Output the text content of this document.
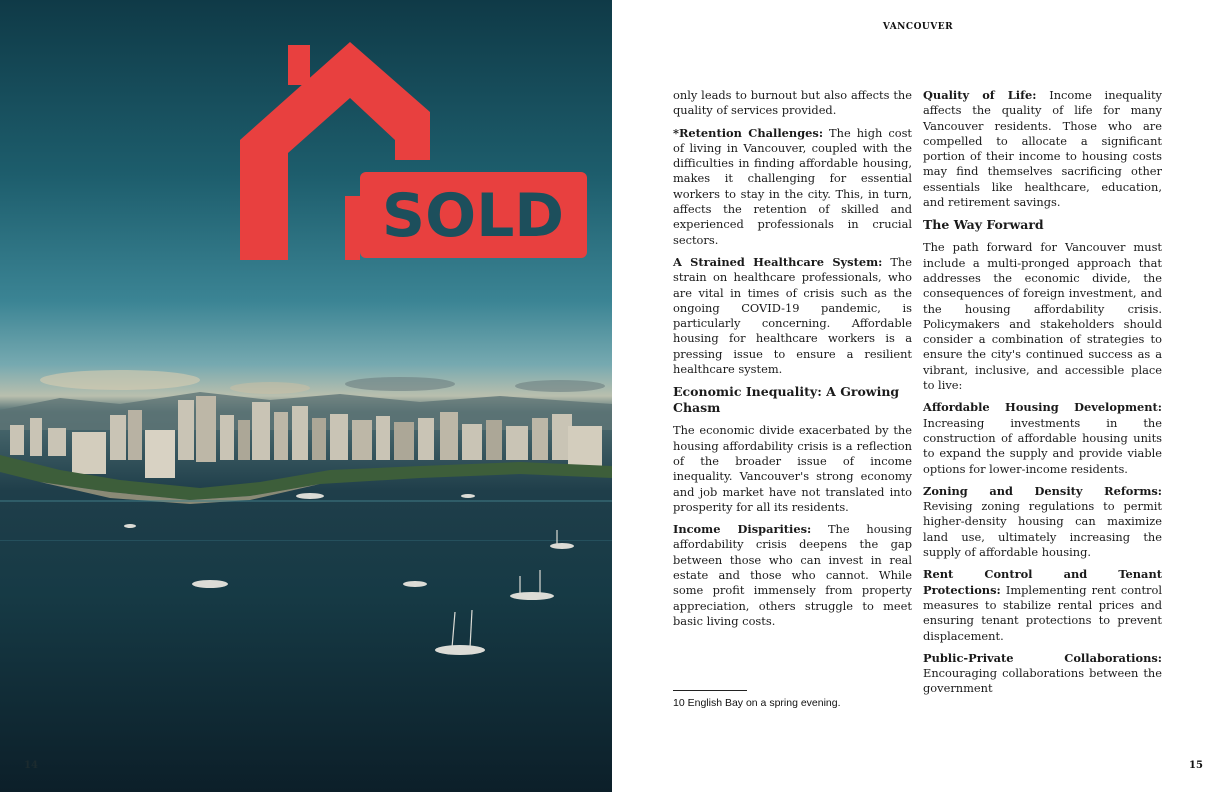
SOLD
14
VANCOUVER

only leads to burnout but also affects the quality of services provided.

*Retention Challenges: The high cost of living in Vancouver, coupled with the difficulties in finding affordable housing, makes it challenging for essential workers to stay in the city. This, in turn, affects the retention of skilled and experienced professionals in crucial sectors.

A Strained Healthcare System: The strain on healthcare professionals, who are vital in times of crisis such as the ongoing COVID-19 pandemic, is particularly concerning. Affordable housing for healthcare workers is a pressing issue to ensure a resilient healthcare system.

Economic Inequality: A Growing Chasm

The economic divide exacerbated by the housing affordability crisis is a reflection of the broader issue of income inequality. Vancouver's strong economy and job market have not translated into prosperity for all its residents.

Income Disparities: The housing affordability crisis deepens the gap between those who can invest in real estate and those who cannot. While some profit immensely from property appreciation, others struggle to meet basic living costs.

Quality of Life: Income inequality affects the quality of life for many Vancouver residents. Those who are compelled to allocate a significant portion of their income to housing costs may find themselves sacrificing other essentials like healthcare, education, and retirement savings.

The Way Forward

The path forward for Vancouver must include a multi-pronged approach that addresses the economic divide, the consequences of foreign investment, and the housing affordability crisis. Policymakers and stakeholders should consider a combination of strategies to ensure the city's continued success as a vibrant, inclusive, and accessible place to live:

Affordable Housing Development: Increasing investments in the construction of affordable housing units to expand the supply and provide viable options for lower-income residents.

Zoning and Density Reforms: Revising zoning regulations to permit higher-density housing can maximize land use, ultimately increasing the supply of affordable housing.

Rent Control and Tenant Protections: Implementing rent control measures to stabilize rental prices and ensuring tenant protections to prevent displacement.

Public-Private Collaborations: Encouraging collaborations between the government

10 English Bay on a spring evening.
15
